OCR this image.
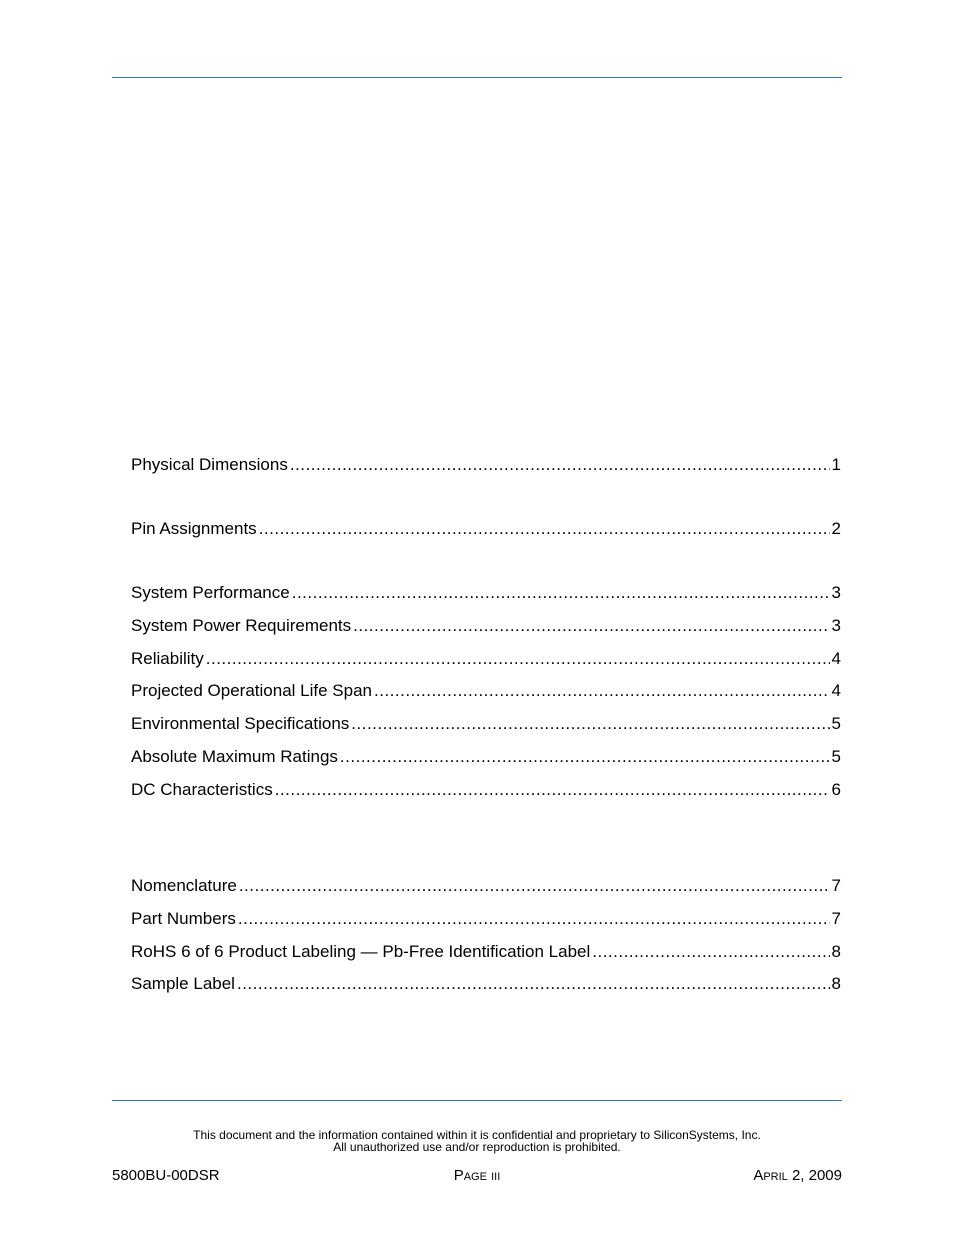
Physical Dimensions .....	1
Pin Assignments .....	2
System Performance .....	3
System Power Requirements .....	3
Reliability .....	4
Projected Operational Life Span .....	4
Environmental Specifications .....	5
Absolute Maximum Ratings .....	5
DC Characteristics .....	6
Nomenclature .....	7
Part Numbers .....	7
RoHS 6 of 6 Product Labeling — Pb-Free Identification Label .....	8
Sample Label .....	8
This document and the information contained within it is confidential and proprietary to SiliconSystems, Inc.
All unauthorized use and/or reproduction is prohibited.
5800BU-00DSR	Page iii	April 2, 2009
